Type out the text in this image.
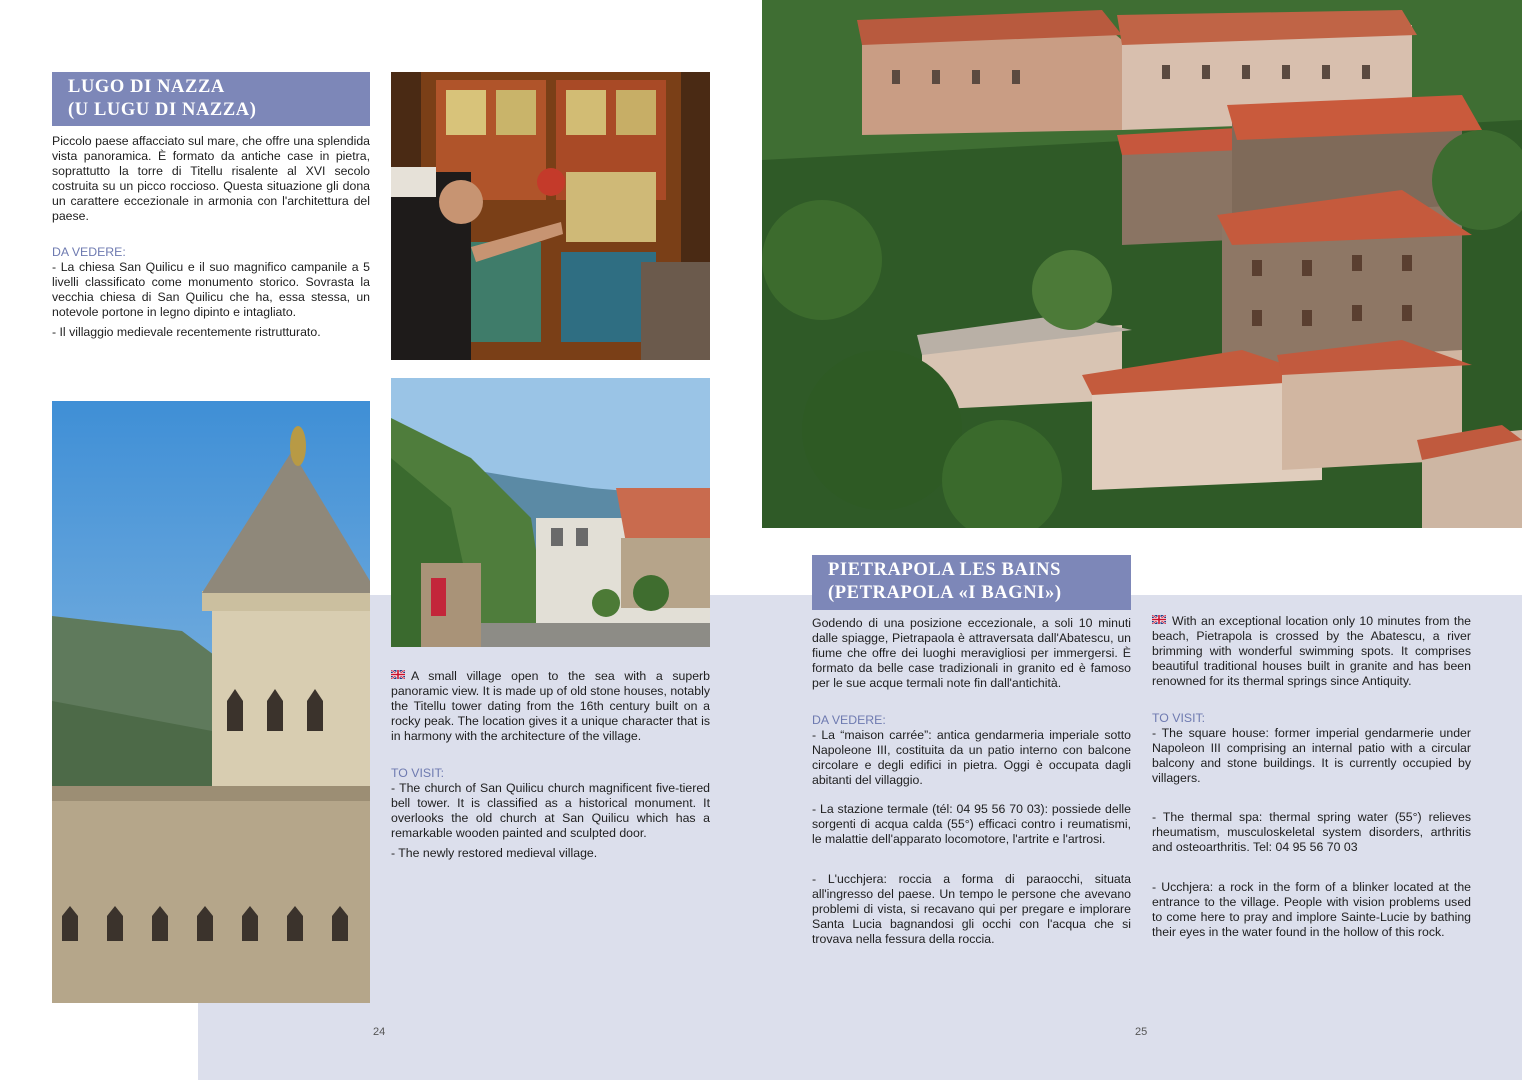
LUGO DI NAZZA
(U LUGU DI NAZZA)

Piccolo paese affacciato sul mare, che offre una splendida vista panoramica. È formato da antiche case in pietra, soprattutto la torre di Titellu risalente al XVI secolo costruita su un picco roccioso. Questa situazione gli dona un carattere eccezionale in armonia con l'architettura del paese.

DA VEDERE:

- La chiesa San Quilicu e il suo magnifico campanile a 5 livelli classificato come monumento storico. Sovrasta la vecchia chiesa di San Quilicu che ha, essa stessa, un notevole portone in legno dipinto e intagliato.

- Il villaggio medievale recentemente ristrutturato.

A small village open to the sea with a superb panoramic view. It is made up of old stone houses, notably the Titellu tower dating from the 16th century built on a rocky peak. The location gives it a unique character that is in harmony with the architecture of the village.

TO VISIT:

- The church of San Quilicu church magnificent five-tiered bell tower. It is classified as a historical monument. It overlooks the old church at San Quilicu which has a remarkable wooden painted and sculpted door.

- The newly restored medieval village.

24
PIETRAPOLA LES BAINS
(PETRAPOLA «I BAGNI»)

Godendo di una posizione eccezionale, a soli 10 minuti dalle spiagge, Pietrapaola è attraversata dall'Abatescu, un fiume che offre dei luoghi meravigliosi per immergersi. È formato da belle case tradizionali in granito ed è famoso per le sue acque termali note fin dall'antichità.

DA VEDERE:

- La “maison carrée”: antica gendarmeria imperiale sotto Napoleone III, costituita da un patio interno con balcone circolare e degli edifici in pietra. Oggi è occupata dagli abitanti del villaggio.

- La stazione termale (tél: 04 95 56 70 03): possiede delle sorgenti di acqua calda (55°) efficaci contro i reumatismi, le malattie dell'apparato locomotore, l'artrite e l'artrosi.

- L'ucchjera: roccia a forma di paraocchi, situata all'ingresso del paese. Un tempo le persone che avevano problemi di vista, si recavano qui per pregare e implorare Santa Lucia bagnandosi gli occhi con l'acqua che si trovava nella fessura della roccia.

With an exceptional location only 10 minutes from the beach, Pietrapola is crossed by the Abatescu, a river brimming with wonderful swimming spots. It comprises beautiful traditional houses built in granite and has been renowned for its thermal springs since Antiquity.

TO VISIT:

- The square house: former imperial gendarmerie under Napoleon III comprising an internal patio with a circular balcony and stone buildings. It is currently occupied by villagers.

- The thermal spa: thermal spring water (55°) relieves rheumatism, musculoskeletal system disorders, arthritis and osteoarthritis. Tel: 04 95 56 70 03

- Ucchjera: a rock in the form of a blinker located at the entrance to the village. People with vision problems used to come here to pray and implore Sainte-Lucie by bathing their eyes in the water found in the hollow of this rock.

25
